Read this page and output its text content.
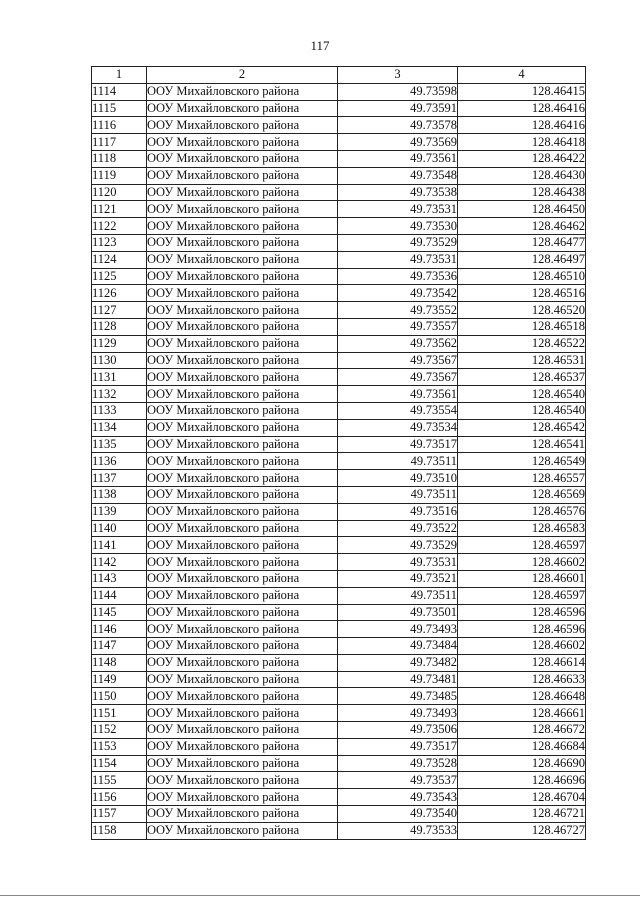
117
1	2	3	4
1114	ООУ Михайловского района	49.73598	128.46415
1115	ООУ Михайловского района	49.73591	128.46416
1116	ООУ Михайловского района	49.73578	128.46416
1117	ООУ Михайловского района	49.73569	128.46418
1118	ООУ Михайловского района	49.73561	128.46422
1119	ООУ Михайловского района	49.73548	128.46430
1120	ООУ Михайловского района	49.73538	128.46438
1121	ООУ Михайловского района	49.73531	128.46450
1122	ООУ Михайловского района	49.73530	128.46462
1123	ООУ Михайловского района	49.73529	128.46477
1124	ООУ Михайловского района	49.73531	128.46497
1125	ООУ Михайловского района	49.73536	128.46510
1126	ООУ Михайловского района	49.73542	128.46516
1127	ООУ Михайловского района	49.73552	128.46520
1128	ООУ Михайловского района	49.73557	128.46518
1129	ООУ Михайловского района	49.73562	128.46522
1130	ООУ Михайловского района	49.73567	128.46531
1131	ООУ Михайловского района	49.73567	128.46537
1132	ООУ Михайловского района	49.73561	128.46540
1133	ООУ Михайловского района	49.73554	128.46540
1134	ООУ Михайловского района	49.73534	128.46542
1135	ООУ Михайловского района	49.73517	128.46541
1136	ООУ Михайловского района	49.73511	128.46549
1137	ООУ Михайловского района	49.73510	128.46557
1138	ООУ Михайловского района	49.73511	128.46569
1139	ООУ Михайловского района	49.73516	128.46576
1140	ООУ Михайловского района	49.73522	128.46583
1141	ООУ Михайловского района	49.73529	128.46597
1142	ООУ Михайловского района	49.73531	128.46602
1143	ООУ Михайловского района	49.73521	128.46601
1144	ООУ Михайловского района	49.73511	128.46597
1145	ООУ Михайловского района	49.73501	128.46596
1146	ООУ Михайловского района	49.73493	128.46596
1147	ООУ Михайловского района	49.73484	128.46602
1148	ООУ Михайловского района	49.73482	128.46614
1149	ООУ Михайловского района	49.73481	128.46633
1150	ООУ Михайловского района	49.73485	128.46648
1151	ООУ Михайловского района	49.73493	128.46661
1152	ООУ Михайловского района	49.73506	128.46672
1153	ООУ Михайловского района	49.73517	128.46684
1154	ООУ Михайловского района	49.73528	128.46690
1155	ООУ Михайловского района	49.73537	128.46696
1156	ООУ Михайловского района	49.73543	128.46704
1157	ООУ Михайловского района	49.73540	128.46721
1158	ООУ Михайловского района	49.73533	128.46727
